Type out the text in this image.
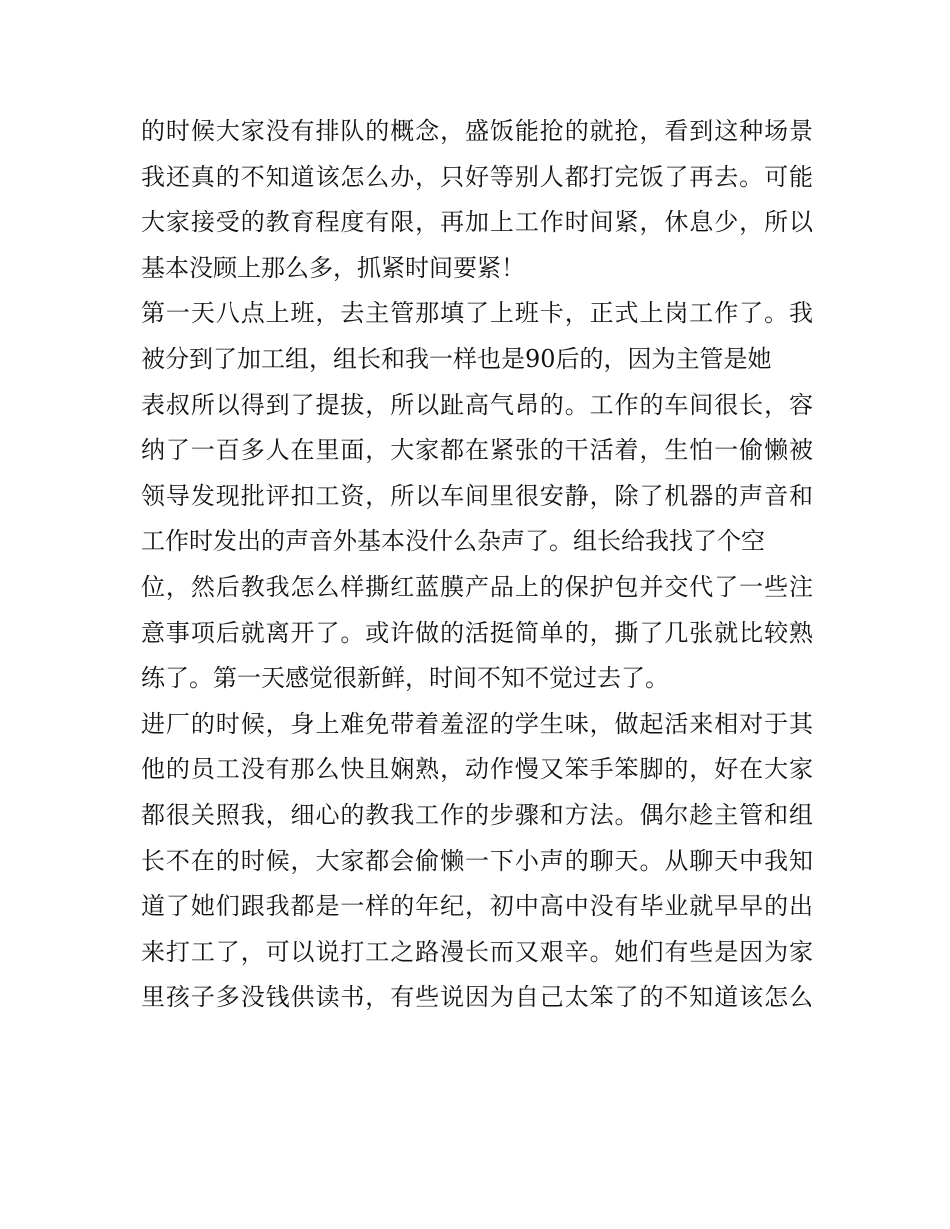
的时候大家没有排队的概念，盛饭能抢的就抢，看到这种场景
我还真的不知道该怎么办，只好等别人都打完饭了再去。可能
大家接受的教育程度有限，再加上工作时间紧，休息少，所以
基本没顾上那么多，抓紧时间要紧！
第一天八点上班，去主管那填了上班卡，正式上岗工作了。我
被分到了加工组，组长和我一样也是90后的，因为主管是她
表叔所以得到了提拔，所以趾高气昂的。工作的车间很长，容
纳了一百多人在里面，大家都在紧张的干活着，生怕一偷懒被
领导发现批评扣工资，所以车间里很安静，除了机器的声音和
工作时发出的声音外基本没什么杂声了。组长给我找了个空
位，然后教我怎么样撕红蓝膜产品上的保护包并交代了一些注
意事项后就离开了。或许做的活挺简单的，撕了几张就比较熟
练了。第一天感觉很新鲜，时间不知不觉过去了。
进厂的时候，身上难免带着羞涩的学生味，做起活来相对于其
他的员工没有那么快且娴熟，动作慢又笨手笨脚的，好在大家
都很关照我，细心的教我工作的步骤和方法。偶尔趁主管和组
长不在的时候，大家都会偷懒一下小声的聊天。从聊天中我知
道了她们跟我都是一样的年纪，初中高中没有毕业就早早的出
来打工了，可以说打工之路漫长而又艰辛。她们有些是因为家
里孩子多没钱供读书，有些说因为自己太笨了的不知道该怎么
